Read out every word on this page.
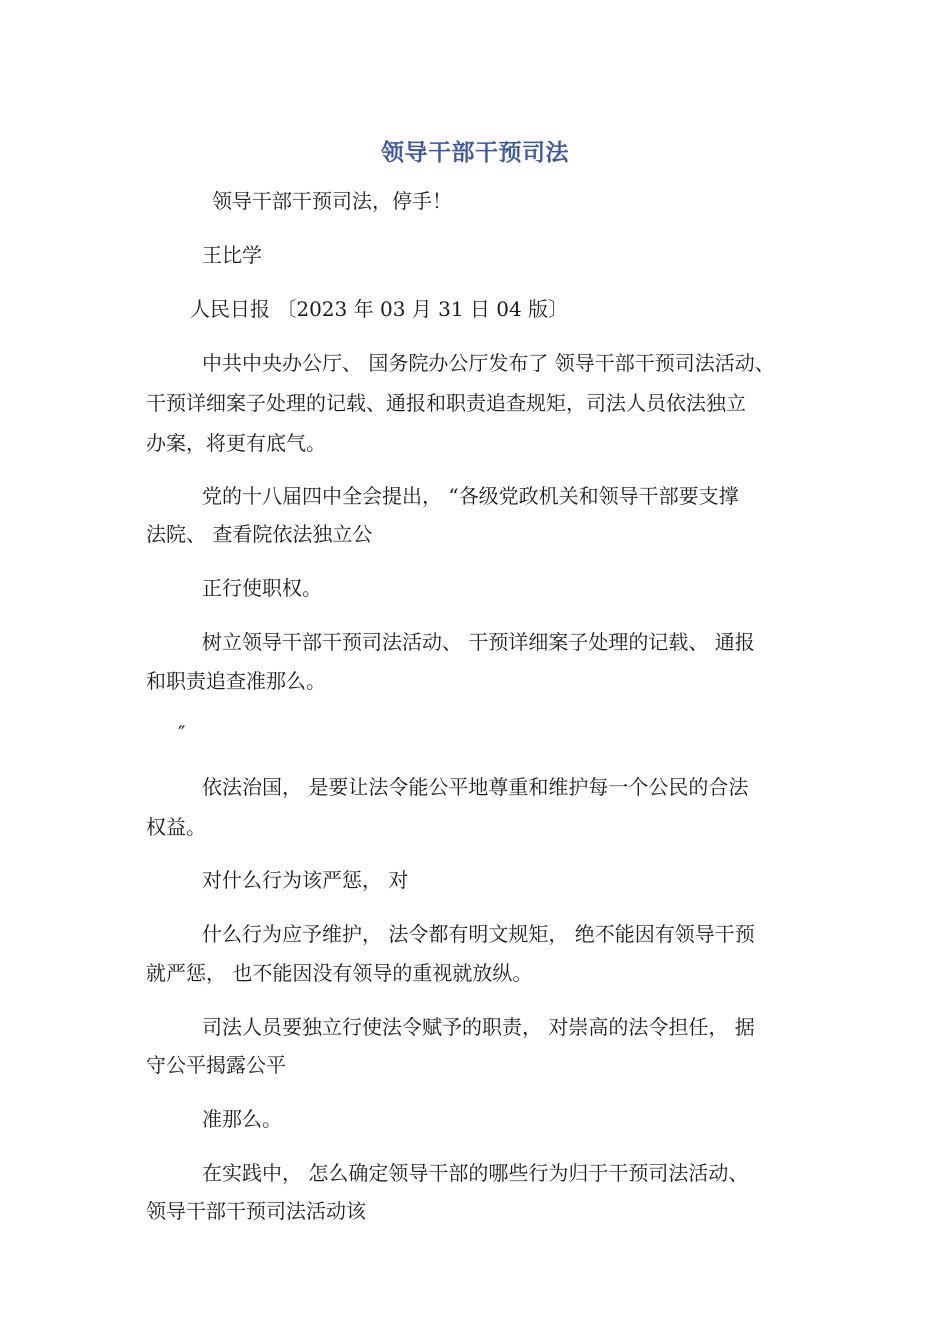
领导干部干预司法
领导干部干预司法，停手！
王比学
人民日报 〔2023 年 03 月 31 日 04 版〕
中共中央办公厅、 国务院办公厅发布了 领导干部干预司法活动、
干预详细案子处理的记载、通报和职责追查规矩，司法人员依法独立
办案，将更有底气。
党的十八届四中全会提出， “各级党政机关和领导干部要支撑
法院、 查看院依法独立公
正行使职权。
树立领导干部干预司法活动、 干预详细案子处理的记载、 通报
和职责追查准那么。
″
依法治国， 是要让法令能公平地尊重和维护每一个公民的合法
权益。
对什么行为该严惩， 对
什么行为应予维护， 法令都有明文规矩， 绝不能因有领导干预
就严惩， 也不能因没有领导的重视就放纵。
司法人员要独立行使法令赋予的职责， 对崇高的法令担任， 据
守公平揭露公平
准那么。
在实践中， 怎么确定领导干部的哪些行为归于干预司法活动、
领导干部干预司法活动该
